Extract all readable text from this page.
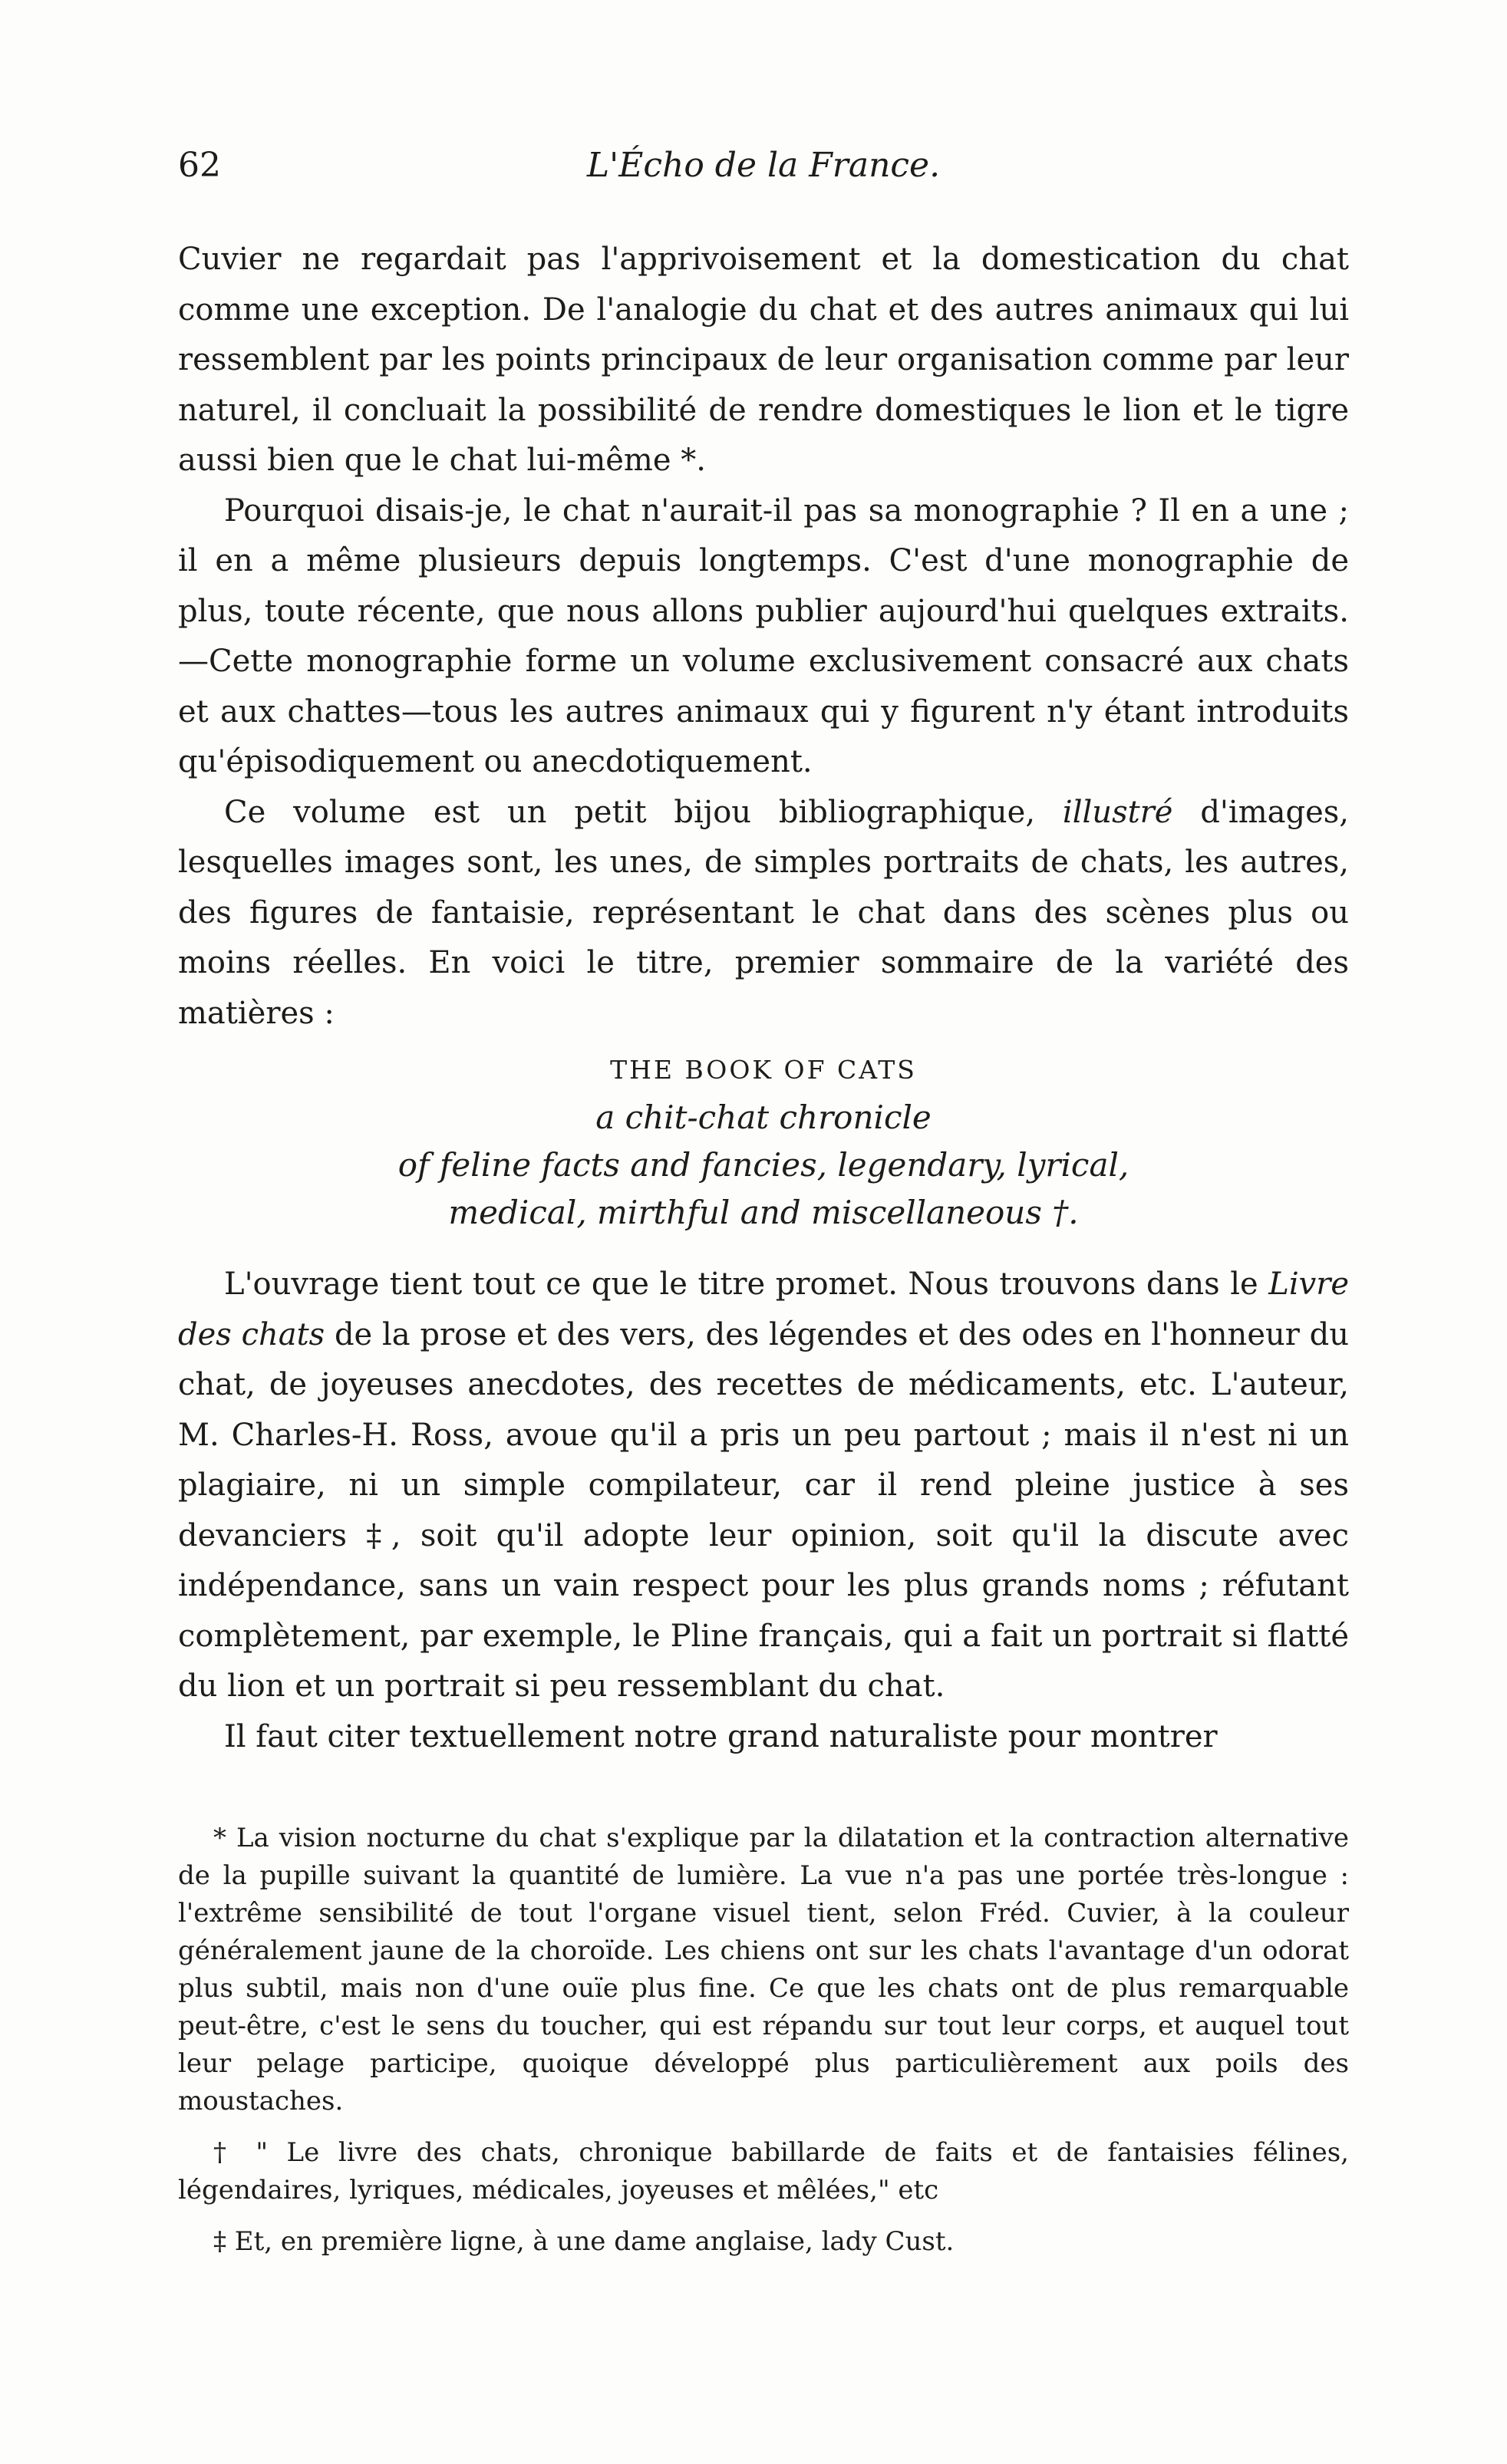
62	L'Écho de la France.

Cuvier ne regardait pas l'apprivoisement et la domestication du chat comme une exception. De l'analogie du chat et des autres animaux qui lui ressemblent par les points principaux de leur organisation comme par leur naturel, il concluait la possibilité de rendre domestiques le lion et le tigre aussi bien que le chat lui-même *.

Pourquoi disais-je, le chat n'aurait-il pas sa monographie ? Il en a une ; il en a même plusieurs depuis longtemps. C'est d'une monographie de plus, toute récente, que nous allons publier aujourd'hui quelques extraits.—Cette monographie forme un volume exclusivement consacré aux chats et aux chattes—tous les autres animaux qui y figurent n'y étant introduits qu'épisodiquement ou anecdotiquement.

Ce volume est un petit bijou bibliographique, illustré d'images, lesquelles images sont, les unes, de simples portraits de chats, les autres, des figures de fantaisie, représentant le chat dans des scènes plus ou moins réelles. En voici le titre, premier sommaire de la variété des matières :

THE BOOK OF CATS
a chit-chat chronicle
of feline facts and fancies, legendary, lyrical,
medical, mirthful and miscellaneous †.

L'ouvrage tient tout ce que le titre promet. Nous trouvons dans le Livre des chats de la prose et des vers, des légendes et des odes en l'honneur du chat, de joyeuses anecdotes, des recettes de médicaments, etc. L'auteur, M. Charles-H. Ross, avoue qu'il a pris un peu partout ; mais il n'est ni un plagiaire, ni un simple compilateur, car il rend pleine justice à ses devanciers ‡, soit qu'il adopte leur opinion, soit qu'il la discute avec indépendance, sans un vain respect pour les plus grands noms ; réfutant complètement, par exemple, le Pline français, qui a fait un portrait si flatté du lion et un portrait si peu ressemblant du chat.

Il faut citer textuellement notre grand naturaliste pour montrer

* La vision nocturne du chat s'explique par la dilatation et la contraction alternative de la pupille suivant la quantité de lumière. La vue n'a pas une portée très-longue : l'extrême sensibilité de tout l'organe visuel tient, selon Fréd. Cuvier, à la couleur généralement jaune de la choroïde. Les chiens ont sur les chats l'avantage d'un odorat plus subtil, mais non d'une ouïe plus fine. Ce que les chats ont de plus remarquable peut-être, c'est le sens du toucher, qui est répandu sur tout leur corps, et auquel tout leur pelage participe, quoique développé plus particulièrement aux poils des moustaches.

† " Le livre des chats, chronique babillarde de faits et de fantaisies félines, légendaires, lyriques, médicales, joyeuses et mêlées," etc

‡ Et, en première ligne, à une dame anglaise, lady Cust.
